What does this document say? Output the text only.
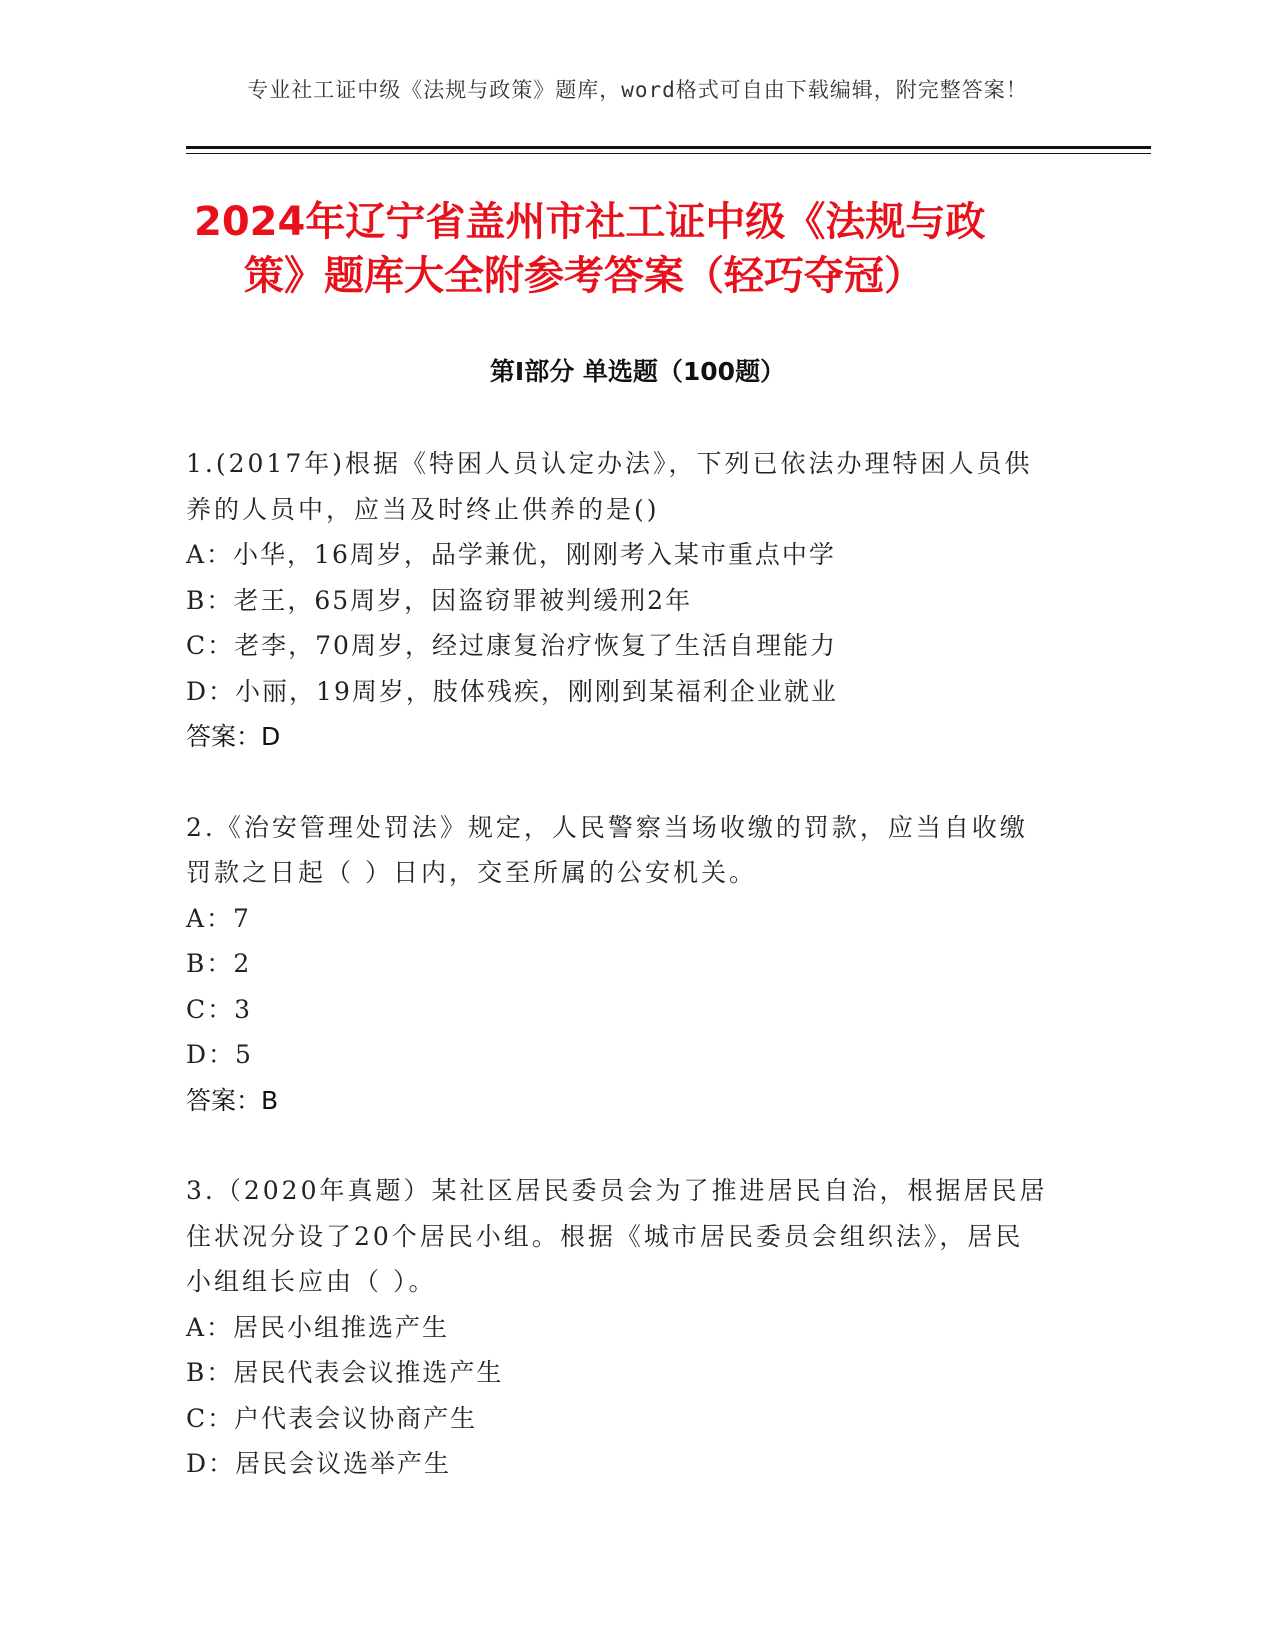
专业社工证中级《法规与政策》题库，word格式可自由下载编辑，附完整答案！
2024年辽宁省盖州市社工证中级《法规与政
策》题库大全附参考答案（轻巧夺冠）
第I部分 单选题（100题）
1.(2017年)根据《特困人员认定办法》，下列已依法办理特困人员供
养的人员中，应当及时终止供养的是()
A：小华，16周岁，品学兼优，刚刚考入某市重点中学
B：老王，65周岁，因盗窃罪被判缓刑2年
C：老李，70周岁，经过康复治疗恢复了生活自理能力
D：小丽，19周岁，肢体残疾，刚刚到某福利企业就业
答案：D
2.《治安管理处罚法》规定，人民警察当场收缴的罚款，应当自收缴
罚款之日起（ ）日内，交至所属的公安机关。
A：7
B：2
C：3
D：5
答案：B
3.（2020年真题）某社区居民委员会为了推进居民自治，根据居民居
住状况分设了20个居民小组。根据《城市居民委员会组织法》，居民
小组组长应由（ ）。
A：居民小组推选产生
B：居民代表会议推选产生
C：户代表会议协商产生
D：居民会议选举产生
